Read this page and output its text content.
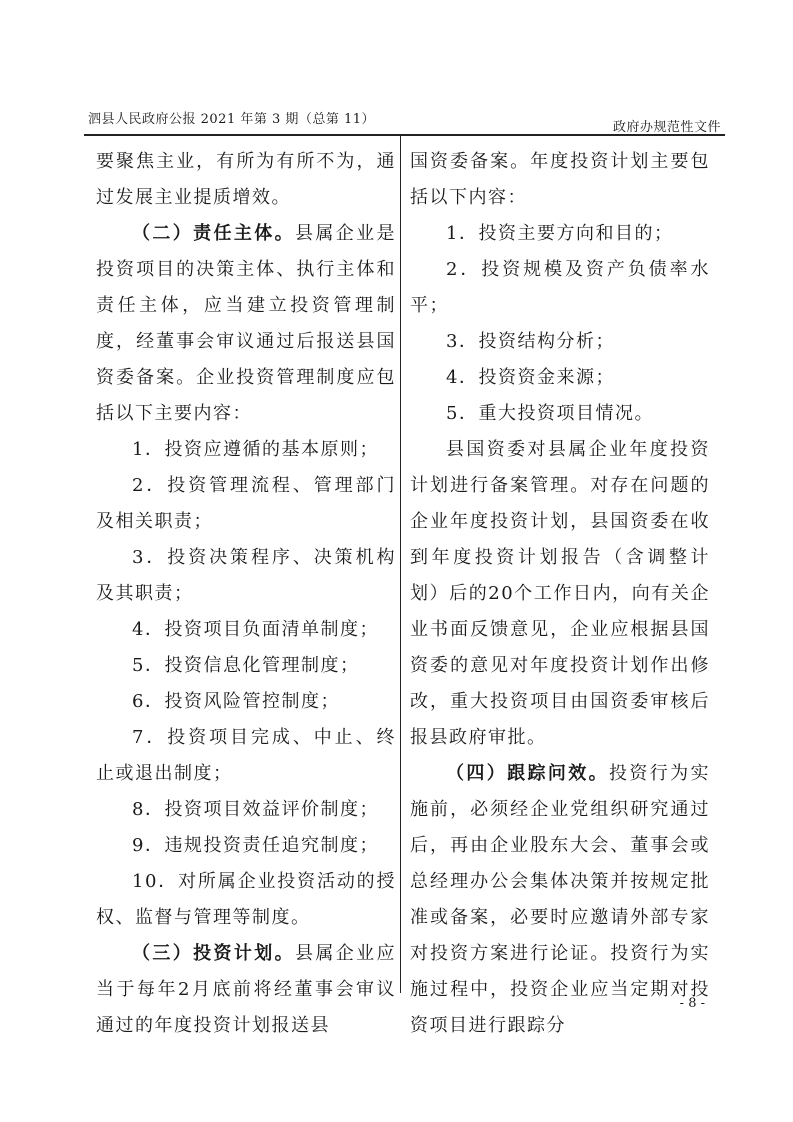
泗县人民政府公报 2021 年第 3 期（总第 11）
政府办规范性文件

要聚焦主业，有所为有所不为，通过发展主业提质增效。

（二）责任主体。县属企业是投资项目的决策主体、执行主体和责任主体，应当建立投资管理制度，经董事会审议通过后报送县国资委备案。企业投资管理制度应包括以下主要内容：

1．投资应遵循的基本原则；

2．投资管理流程、管理部门及相关职责；

3．投资决策程序、决策机构及其职责；

4．投资项目负面清单制度；

5．投资信息化管理制度；

6．投资风险管控制度；

7．投资项目完成、中止、终止或退出制度；

8．投资项目效益评价制度；

9．违规投资责任追究制度；

10．对所属企业投资活动的授权、监督与管理等制度。

（三）投资计划。县属企业应当于每年2月底前将经董事会审议通过的年度投资计划报送县

国资委备案。年度投资计划主要包括以下内容：

1．投资主要方向和目的；

2．投资规模及资产负债率水平；

3．投资结构分析；

4．投资资金来源；

5．重大投资项目情况。

县国资委对县属企业年度投资计划进行备案管理。对存在问题的企业年度投资计划，县国资委在收到年度投资计划报告（含调整计划）后的20个工作日内，向有关企业书面反馈意见，企业应根据县国资委的意见对年度投资计划作出修改，重大投资项目由国资委审核后报县政府审批。

（四）跟踪问效。投资行为实施前，必须经企业党组织研究通过后，再由企业股东大会、董事会或总经理办公会集体决策并按规定批准或备案，必要时应邀请外部专家对投资方案进行论证。投资行为实施过程中，投资企业应当定期对投资项目进行跟踪分

- 8 -
